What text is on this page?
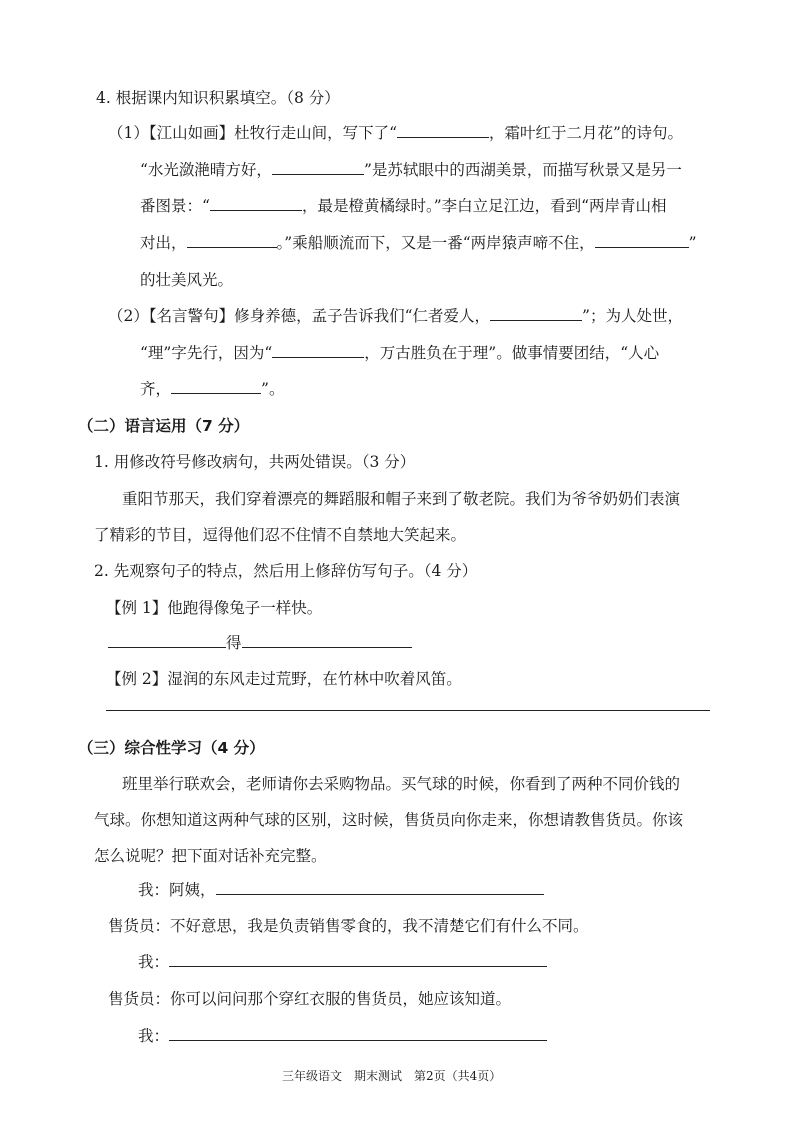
4. 根据课内知识积累填空。（8 分）
（1）【江山如画】杜牧行走山间，写下了“	，霜叶红于二月花”的诗句。
“水光潋滟晴方好，	”是苏轼眼中的西湖美景，而描写秋景又是另一
番图景：“	，最是橙黄橘绿时。”李白立足江边，看到“两岸青山相
对出，	。”乘船顺流而下，又是一番“两岸猿声啼不住，	”
的壮美风光。
（2）【名言警句】修身养德，孟子告诉我们“仁者爱人，	”；为人处世，
“理”字先行，因为“	，万古胜负在于理”。做事情要团结，“人心
齐，	”。
（二）语言运用（7 分）
1. 用修改符号修改病句，共两处错误。（3 分）
重阳节那天，我们穿着漂亮的舞蹈服和帽子来到了敬老院。我们为爷爷奶奶们表演
了精彩的节目，逗得他们忍不住情不自禁地大笑起来。
2. 先观察句子的特点，然后用上修辞仿写句子。（4 分）
【例 1】他跑得像兔子一样快。
得
【例 2】湿润的东风走过荒野，在竹林中吹着风笛。
（三）综合性学习（4 分）
班里举行联欢会，老师请你去采购物品。买气球的时候，你看到了两种不同价钱的
气球。你想知道这两种气球的区别，这时候，售货员向你走来，你想请教售货员。你该
怎么说呢？把下面对话补充完整。
我：阿姨，
售货员：不好意思，我是负责销售零食的，我不清楚它们有什么不同。
我：
售货员：你可以问问那个穿红衣服的售货员，她应该知道。
我：
三年级语文　期末测试　第2页（共4页）
